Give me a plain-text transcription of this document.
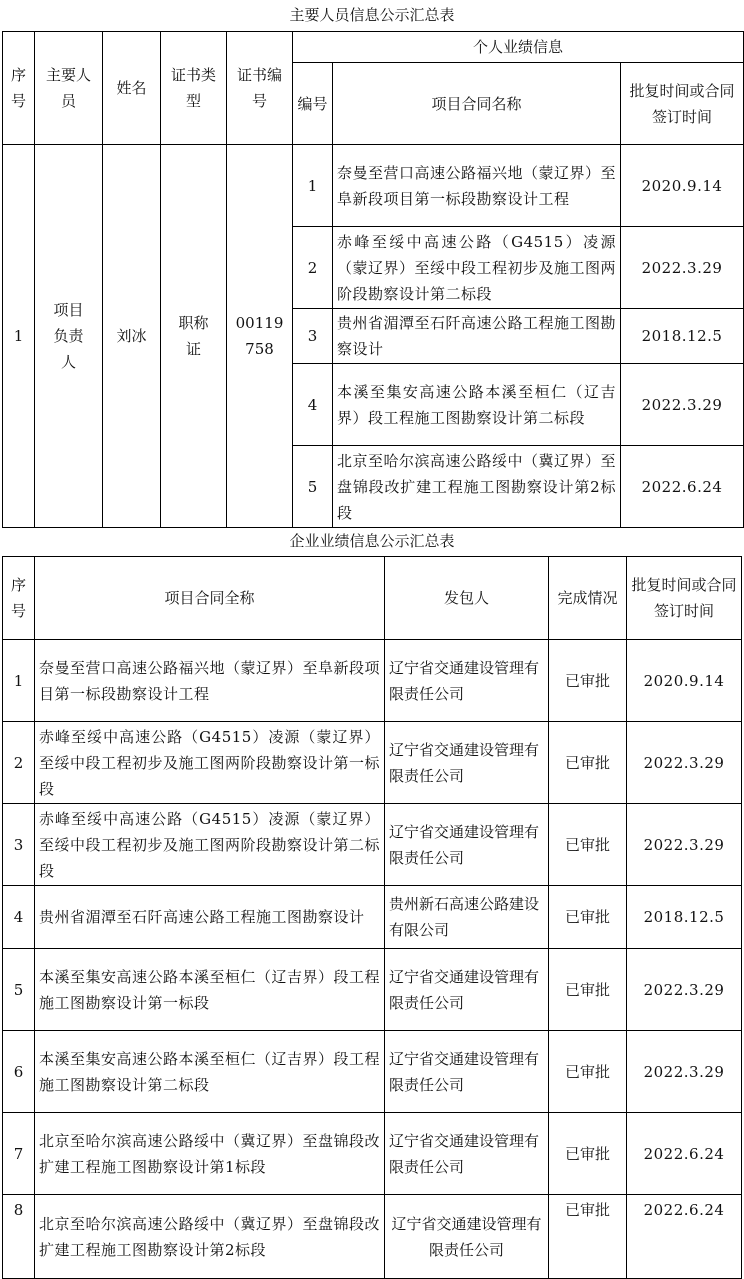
主要人员信息公示汇总表
序号	主要人员	姓名	证书类型	证书编号	个人业绩信息		
					编号	项目合同名称	批复时间或合同签订时间
1	项目负责人	刘冰	职称证	00119758	1	奈曼至营口高速公路福兴地（蒙辽界）至阜新段项目第一标段勘察设计工程	2020.9.14
					2	赤峰至绥中高速公路（G4515）凌源（蒙辽界）至绥中段工程初步及施工图两阶段勘察设计第二标段	2022.3.29
					3	贵州省湄潭至石阡高速公路工程施工图勘察设计	2018.12.5
					4	本溪至集安高速公路本溪至桓仁（辽吉界）段工程施工图勘察设计第二标段	2022.3.29
					5	北京至哈尔滨高速公路绥中（冀辽界）至盘锦段改扩建工程施工图勘察设计第2标段	2022.6.24
企业业绩信息公示汇总表
序号	项目合同全称	发包人	完成情况	批复时间或合同签订时间
1	奈曼至营口高速公路福兴地（蒙辽界）至阜新段项目第一标段勘察设计工程	辽宁省交通建设管理有限责任公司	已审批	2020.9.14
2	赤峰至绥中高速公路（G4515）凌源（蒙辽界）至绥中段工程初步及施工图两阶段勘察设计第一标段	辽宁省交通建设管理有限责任公司	已审批	2022.3.29
3	赤峰至绥中高速公路（G4515）凌源（蒙辽界）至绥中段工程初步及施工图两阶段勘察设计第二标段	辽宁省交通建设管理有限责任公司	已审批	2022.3.29
4	贵州省湄潭至石阡高速公路工程施工图勘察设计	贵州新石高速公路建设有限公司	已审批	2018.12.5
5	本溪至集安高速公路本溪至桓仁（辽吉界）段工程施工图勘察设计第一标段	辽宁省交通建设管理有限责任公司	已审批	2022.3.29
6	本溪至集安高速公路本溪至桓仁（辽吉界）段工程施工图勘察设计第二标段	辽宁省交通建设管理有限责任公司	已审批	2022.3.29
7	北京至哈尔滨高速公路绥中（冀辽界）至盘锦段改扩建工程施工图勘察设计第1标段	辽宁省交通建设管理有限责任公司	已审批	2022.6.24
8	北京至哈尔滨高速公路绥中（冀辽界）至盘锦段改扩建工程施工图勘察设计第2标段	辽宁省交通建设管理有限责任公司	已审批	2022.6.24
